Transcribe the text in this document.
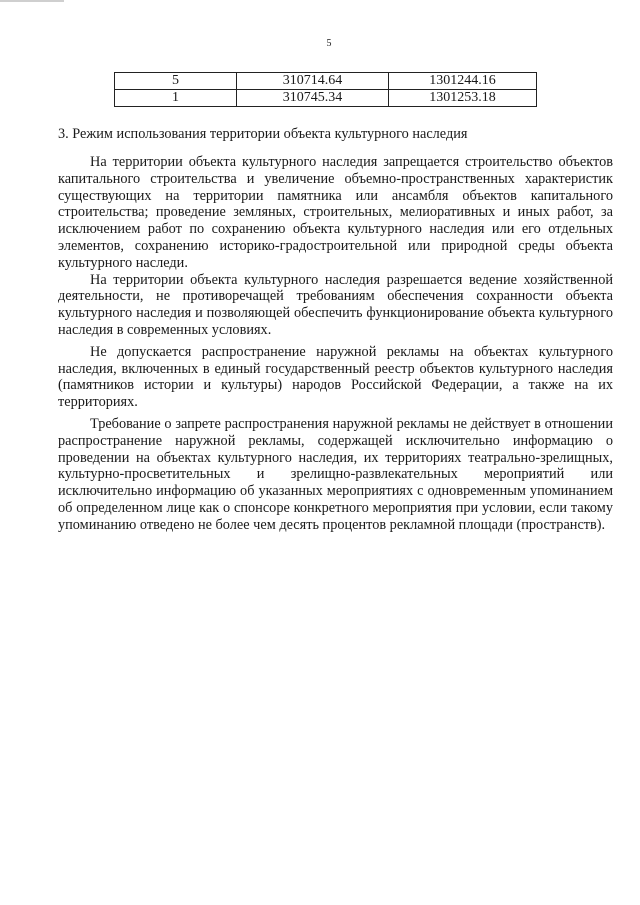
5
5	310714.64	1301244.16
1	310745.34	1301253.18
3. Режим использования территории объекта культурного наследия

На территории объекта культурного наследия запрещается строительство объектов капитального строительства и увеличение объемно-пространственных характеристик существующих на территории памятника или ансамбля объектов капитального строительства; проведение земляных, строительных, мелиоративных и иных работ, за исключением работ по сохранению объекта культурного наследия или его отдельных элементов, сохранению историко-градостроительной или природной среды объекта культурного наследи.

На территории объекта культурного наследия разрешается ведение хозяйственной деятельности, не противоречащей требованиям обеспечения сохранности объекта культурного наследия и позволяющей обеспечить функционирование объекта культурного наследия в современных условиях.

Не допускается распространение наружной рекламы на объектах культурного наследия, включенных в единый государственный реестр объектов культурного наследия (памятников истории и культуры) народов Российской Федерации, а также на их территориях.

Требование о запрете распространения наружной рекламы не действует в отношении распространение наружной рекламы, содержащей исключительно информацию о проведении на объектах культурного наследия, их территориях театрально-зрелищных, культурно-просветительных и зрелищно-развлекательных мероприятий или исключительно информацию об указанных мероприятиях с одновременным упоминанием об определенном лице как о спонсоре конкретного мероприятия при условии, если такому упоминанию отведено не более чем десять процентов рекламной площади (пространств).
